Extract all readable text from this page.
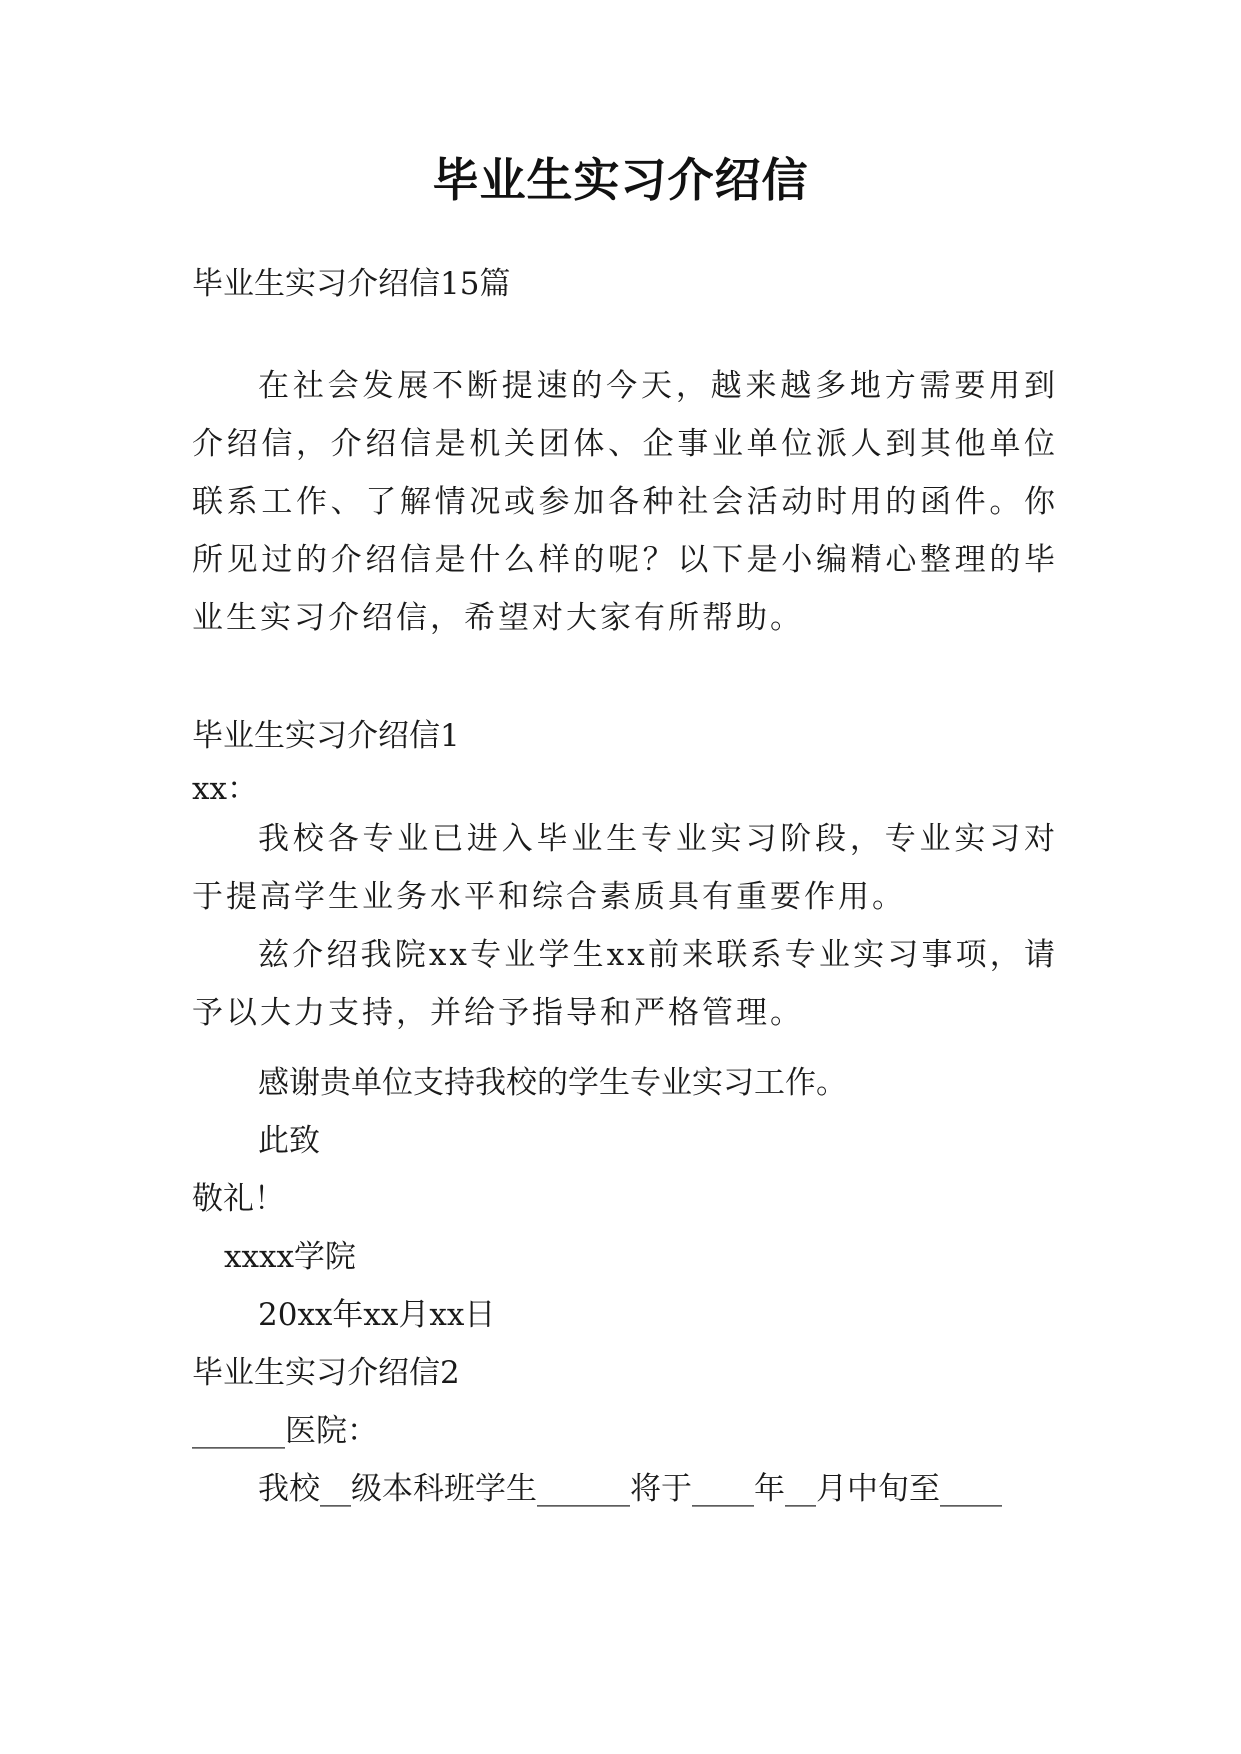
毕业生实习介绍信
毕业生实习介绍信15篇
在社会发展不断提速的今天，越来越多地方需要用到介绍信，介绍信是机关团体、企事业单位派人到其他单位联系工作、了解情况或参加各种社会活动时用的函件。你所见过的介绍信是什么样的呢？以下是小编精心整理的毕业生实习介绍信，希望对大家有所帮助。
毕业生实习介绍信1
xx：
我校各专业已进入毕业生专业实习阶段，专业实习对于提高学生业务水平和综合素质具有重要作用。
兹介绍我院xx专业学生xx前来联系专业实习事项，请予以大力支持，并给予指导和严格管理。
感谢贵单位支持我校的学生专业实习工作。
此致
敬礼！
xxxx学院
20xx年xx月xx日
毕业生实习介绍信2
______医院：
我校__级本科班学生______将于____年__月中旬至____
